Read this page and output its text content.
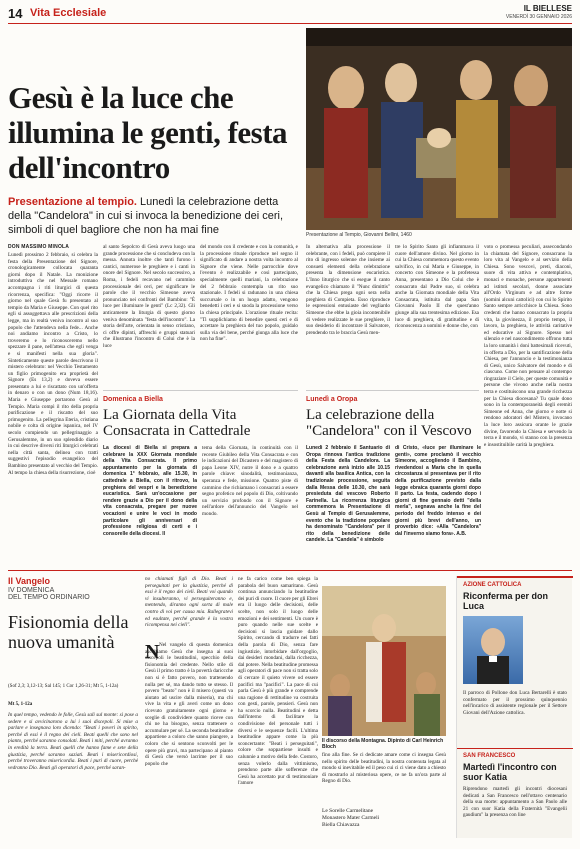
14 Vita Ecclesiale	IL BIELLESE
VENERDÌ 30 GENNAIO 2026
Gesù è la luce che illumina le genti, festa dell'incontro
Presentazione al tempio. Lunedì la celebrazione detta della "Candelora" in cui si invoca la benedizione dei ceri, simboli di quel bagliore che non ha mai fine	Presentazione al Tempio, Giovanni Bellini, 1460
DON MASSIMO MINOLA
Lunedì prossimo 2 febbraio, si celebra la festa della Presentazione del Signore, cronologicamente collocata quaranta giorni dopo il Natale. La monizione introduttiva che nel Messale romano accompagna i riti liturgici di questa ricorrenza, specifica: "Oggi ricorre il giorno nel quale Gesù fu presentato al tempio da Maria e Giuseppe. Con quel rito egli si assoggettava alle prescrizioni della legge, ma in realtà veniva incontro al suo popolo che l'attendeva nella fede... Anche noi andiamo incontro a Cristo, lo troveremo e lo riconosceremo nello spezzare il pane, nell'attesa che egli venga e si manifesti nella sua gloria". Sinteticamente queste parole descrivono il mistero celebrato: nel Vecchio Testamento un figlio primogenito era proprietà del Signore (Es 13,2) e doveva essere presentato a lui e riscattato con un'offerta in denaro o con un dono (Num 18,16). Maria e Giuseppe portarono Gesù al Tempio. Maria compì il rito della propria purificazione e il riscatto del suo primogenito. La pellegrina Eteria, cristiana nobile e colta di origine ispanica, nel IV secolo compiendo un pellegrinaggio a Gerusalemme, in un suo splendido diario in cui descrive diversi riti liturgici celebrati nella città santa, delinea con tratti suggestivi l'episodio evangelico del Bambino presentato al vecchio del Tempio. Al tempo la chiesa della risurrezione, cioè
al santo Sepolcro di Gesù aveva luogo una grande processione che si concludeva con la messa. Annota inoltre che tanti furono i cantici, numerose le preghiere e i canti in onore del Signore. Nel secolo successivo, a Roma, i fedeli recavano nel cammino processionale dei ceri, per significare le parole che il vecchio Simeone aveva pronunciato nei confronti del Bambino: "È luce per illuminare le genti" (Lc 2,32). Gli anticamente la liturgia di questo giorno veniva denominata "festa dell'incontro". La storia dell'arte, orientata in senso cristiano, ci offre dipinti, affreschi e gruppi statuari che illustrano l'incontro di Colui che è la luce
del mondo con il credente e con la comunità, e la processione rituale riproduce nel segno il significato di andare a nostra volta incontro al Signore che viene. Nelle parrocchie dove l'evento è realizzabile e così partecipato, specialmente quelli mariani, la celebrazione del 2 febbraio contempla un rito suo stazionale. I fedeli si radunano in una chiesa succursale o in un luogo adatto, vengono benedetti i ceri e si snoda la processione verso la chiesa principale. L'orazione rituale recita: "Ti supplichiamo di benedire questi ceri e di accettare la preghiera del tuo popolo, guidalo sulla via del bene, perché giunga alla luce che non ha fine".
In alternativa alla processione il celebrante, con i fedeli, può compiere il rito di ingresso solenne che insieme ai consueti elementi della celebrazione presenta la dimensione eucaristica. L'Inno liturgico che si esegue il canto evangelico chiamato il "Nunc dimittis" che la Chiesa prega ogni sera nella preghiera di Compieta. Esso riproduce le espressioni entusiaste del vegliardo Simeone che ebbe la gioia incontenibile di vedere realizzate le sue preghiere, il suo desiderio di incontrare il Salvatore, prendendo tra le braccia Gesù men-
tre lo Spirito Santo gli infiammava il cuore dell'amore divino. Nel giorno in cui la Chiesa commemora questo evento salvifico, in cui Maria e Giuseppe, in concerto con Simeone e la profetessa Anna, presentano a Dio Colui che è consacrato dal Padre suo, si celebra anche la Giornata mondiale della Vita Consacrata, istituita dal papa San Giovanni Paolo II che quest'anno giunge alla sua trentesima edizione. Esa luce di preghiera, di gratitudine e di riconoscenza a uomini e donne che, con
voto o promessa peculiari, assecondando la chiamata del Signore, consacrano la loro vita al Vangelo e al servizio della Chiesa. Sono vescovi, preti, diaconi, suore di vita attiva e contemplativa, monaci e monache, persone appartenenti ad istituti secolari, donne associate all'Ordo Virginum e ad altre forme (uomini alcuni cattolici) con cui lo Spirito Santo sempre arricchisce la Chiesa. Sono credenti che hanno consacrato la propria vita, la giovinezza, il proprio tempo, il lavoro, la preghiera, le attività caritative ed educative al Signore. Spesso nel silenzio e nel nascondimento offrono tutta la loro umanità i doni battesimali ricevuti, in offerta a Dio, per la santificazione della Chiesa, per l'annuncio e la testimonianza di Gesù, unico Salvatore del mondo e di ciascuno. Come non pensare al contempo ringraziare il Cielo, per queste comunità e persone che vivono anche nella nostra terra e costituiscono una grande ricchezza per la Chiesa diocesana? Tu quale dono sono in la contemporaneità degli eremiti Simeone ed Anna, che giorno e notte si rendono adoratori del Mistero, invocano la luce loro assicura orante le grazie divine, favorendo la Chiesa e servendo la terra e il mondo, vi stanno con la presenza e insostituibile carità la preghiera.
Domenica a Biella
La Giornata della Vita Consacrata in Cattedrale
La diocesi di Biella si prepara a celebrare la XXX Giornata mondiale della Vita Consacrata. Il primo appuntamento per la giornata di domenica 1° febbraio, alle 15.30, in cattedrale a Biella, con il ritrovo, la preghiera del vespri e la benedizione eucaristica. Sarà un'occasione per rendere grazie a Dio per il dono della vita consacrata, pregare per nuove vocazioni e unire le voci in modo particolare gli anniversari di professione religiosa di certi e i consorelle della diocesi. Il
tema della Giornata, in continuità con il recente Giubileo della Vita Consacrata e con le indicazioni del Dicastero e del magistero di papa Leone XIV, nutre il dono e a quattro parole chiave: sinodalità, testimonianza, speranza e fede, missione. Quattro piste di cammino che richiamano i consacrati a essere segno profetico nel popolo di Dio, coltivando un servizio profondo con il Signore e nell'ardore dell'annuncio del Vangelo nel mondo.
Lunedì a Oropa
La celebrazione della "Candelora" con il Vescovo
Lunedì 2 febbraio il Santuario di Oropa rinnova l'antica tradizione della Festa della Candelora. La celebrazione avrà inizio alle 10.15 davanti alla basilica Antica, con la tradizionale processione, seguita dalla Messa delle 10.30, che sarà presieduta dal vescovo Roberto Farinella. La ricorrenza liturgica commemora la Presentazione di Gesù al Tempio di Gerusalemme, evento che la tradizione popolare ha denominato "Candelora" per il rito della benedizione delle candele. La "Candela" è simbolo
di Cristo, «luce per illuminare le genti», come proclamò il vecchio Simeone, accogliendo il Bambino, rivedendosi a Maria che in quella circostanza si presentava per il rito della purificazione previsto dalla legge ebraica quaranta giorni dopo il parto. La festa, cadendo dopo i giorni di fine gennaio detti "della merla", segnava anche la fine del periodo del freddo intenso e dei giorni più brevi dell'anno, un proverbio dice: «Alla "Candelora" dal l'inverno siamo fora». A.B.
Il Vangelo
IV DOMENICA
DEL TEMPO ORDINARIO
Fisionomia della nuova umanità
(Sof 2,3; 3,12-13; Sal 145; 1 Cor 1,26-31; Mt 5, 1-12a)
Mt 5, 1-12a
In quel tempo, vedendo le folle, Gesù salì sul monte: si pose a sedere e si avvicinarono a lui i suoi discepoli. Si mise a parlare e insegnava loro dicendo: "Beati i poveri in spirito, perché di essi è il regno dei cieli. Beati quelli che sono nel pianto, perché saranno consolati. Beati i miti, perché avranno in eredità la terra. Beati quelli che hanno fame e sete della giustizia, perché saranno saziati. Beati i misericordiosi, perché troveranno misericordia. Beati i puri di cuore, perché vedranno Dio. Beati gli operatori di pace, perché saran-
no chiamati figli di Dio. Beati i perseguitati per la giustizia, perché di essi è il regno dei cieli. Beati voi quando vi insulteranno, vi perseguiteranno e, mentendo, diranno ogni sorta di male contro di voi per causa mia. Rallegratevi ed esultate, perché grande è la vostra ricompensa nei cieli".
N Nel vangelo di questa domenica ascoltiamo Gesù che insegna ai suoi discepoli le beatitudini, specchio della fisionomia del credente. Nello stile di Gesù il primo tratto è la povertà dariccche non si è fatto povero, non trattenendo nulla per sé, ma dando tutto se stesso. Il povero "beato" non è il misero (questi va aiutato ad uscire dalla miseria), ma chi vive la vita e gli averi come un dono ricevuto gratuitamente ogni giorno e sceglie di condividere quanto riceve con chi ne ha bisogno, senza trattenere o accumulare per sé. La seconda beatitudine appartiene a coloro che sanno piangere, a coloro che si sentono sconvolti per le opere più gravi, ma partecipano al pianto di Gesù che versò lacrime per il suo popolo che
Il discorso della Montagna. Dipinto di Carl Heinrich Bloch
fino alla fine. Se ci dedicate amare come ci insegna Gesù nello spirito delle beatitudini, la nostra contenuta legata al mondo si inevitabile ed il peso cui ci ci viene dato a chiesto di mostrarlo al misteriosa opere, ce ne fa un'ora parte al Regno di Dio.
Le Sorelle Carmelitane
Monastero Mater Carmeli
Biella Chiavazza
AZIONE CATTOLICA
Riconferma per don Luca
Il parroco di Pollone don Luca Bertarelli è stato confermato per il prossimo quinquennio nell'incarico di assistente regionale per il Settore Giovani dell'Azione cattolica.
SAN FRANCESCO
Martedì l'incontro con suor Katia
Riprendono martedì gli incontri diocesani dedicati a San Francesco nell'ottavo centenario della sua morte: appuntamento a San Paolo alle 21 con suor Katia della Fraternità "Evangelii gaudium" la presenza con line
ne fa carico come ben spiega la parabola del buon samaritano. Gesù continua annunciando la beatitudine dei puri di cuore. Il cuore per gli Ebrei era il luogo delle decisioni, delle scelte, non solo il luogo delle emozioni e dei sentimenti. Un cuore è puro quando nelle sue scelte e decisioni si lascia guidare dallo Spirito, cercando di tradurre nei fatti della parola di Dio, senza fare ingiustizie, intorbidare dall'orgoglio, dai desideri mondani, dalla ricchezza, dal potere. Nella beatitudine promessa agli operatori di pace non si tratta solo di cercare il quieto vivere od essere pacifici ma "pacifici". La pace di cui parla Gesù è più grande e comprende una ragione di rettitudine va costruita con gesti, parole, pensieri. Gesù non ha scorcio nulla. Beatitudini e detta dall'interno di facilitare la condivisione del personale tutti i diversi e le sequenze facili. L'ultima beatitudine appare come la più sconcertante: "Beati i perseguitati", colore che soppartiene insulti e calunnie a motivo della fede. Costoro, senza volerlo dalla vittimismo, prendono parte alle sofferenze che Gesù ha accettato pur di testimoniare l'amore
